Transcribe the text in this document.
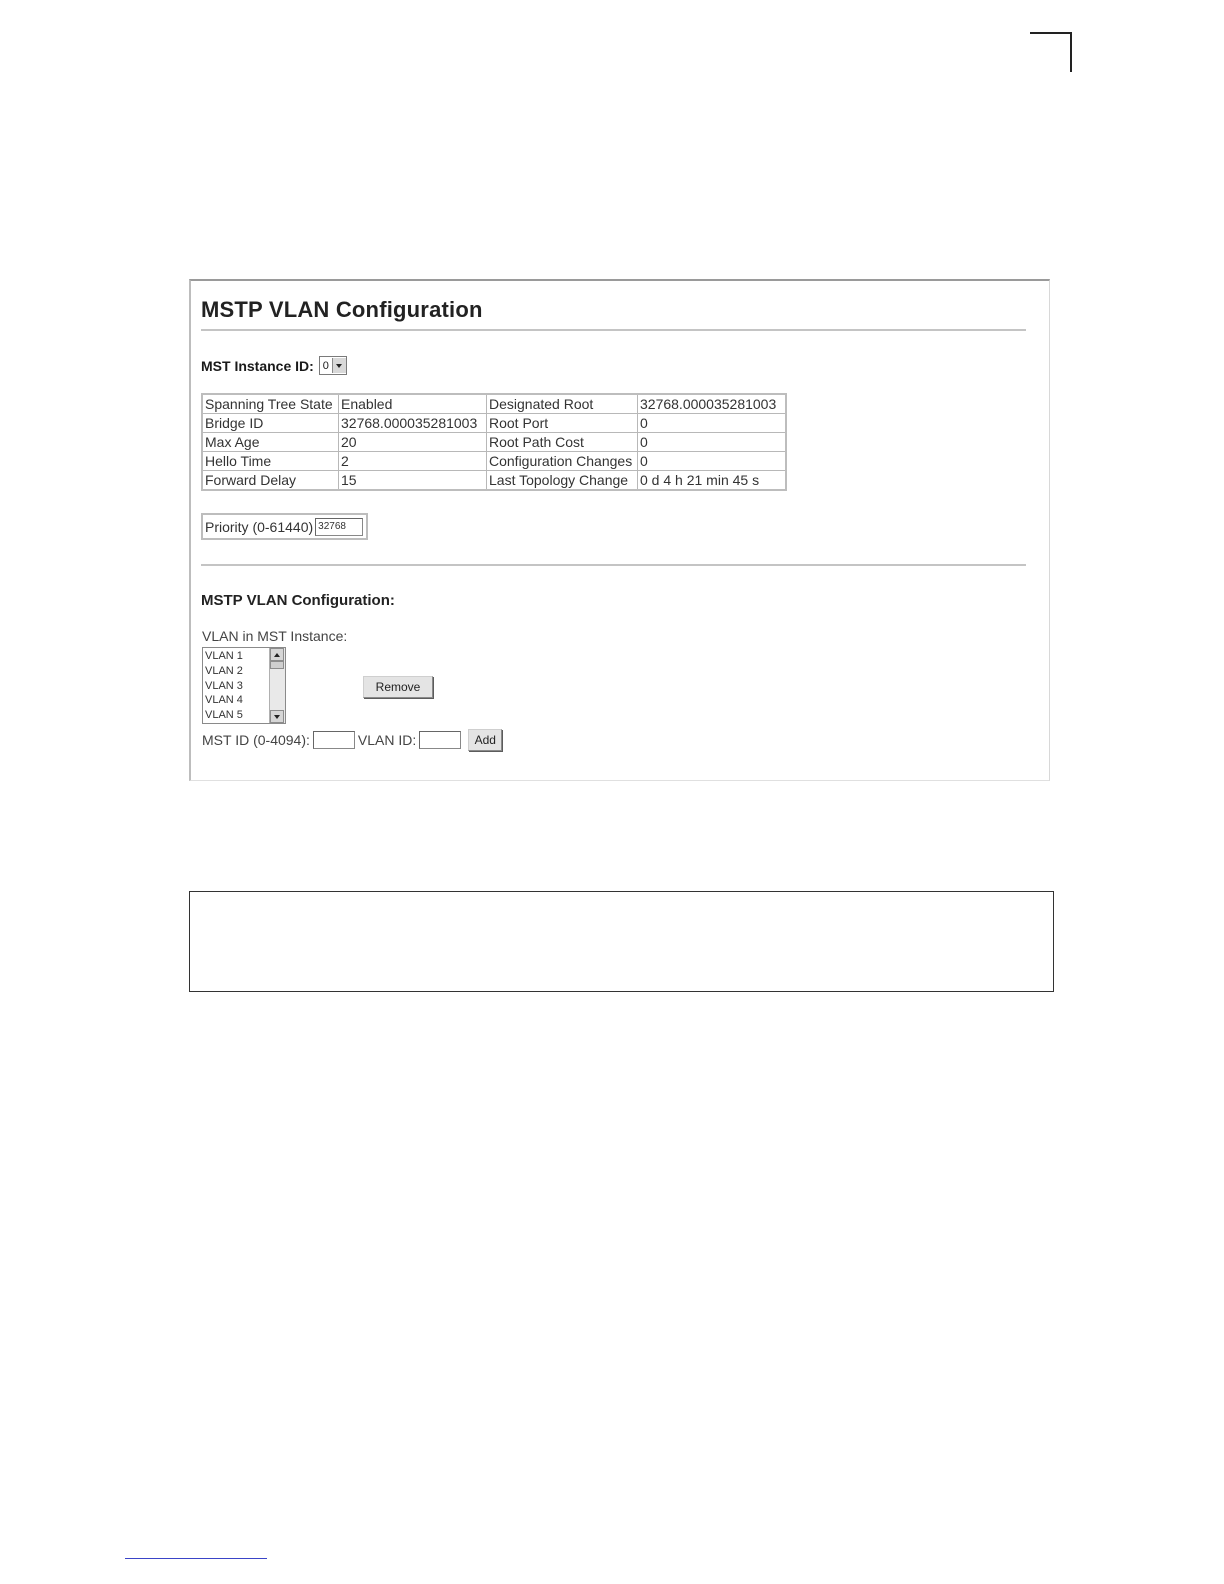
MSTP VLAN Configuration
MST Instance ID: 0
Spanning Tree State	Enabled	Designated Root	32768.000035281003
Bridge ID	32768.000035281003	Root Port	0
Max Age	20	Root Path Cost	0
Hello Time	2	Configuration Changes	0
Forward Delay	15	Last Topology Change	0 d 4 h 21 min 45 s
Priority (0-61440) 32768
MSTP VLAN Configuration:
VLAN in MST Instance:
VLAN 1
VLAN 2
VLAN 3
VLAN 4
VLAN 5
Remove
MST ID (0-4094):	VLAN ID:	Add
